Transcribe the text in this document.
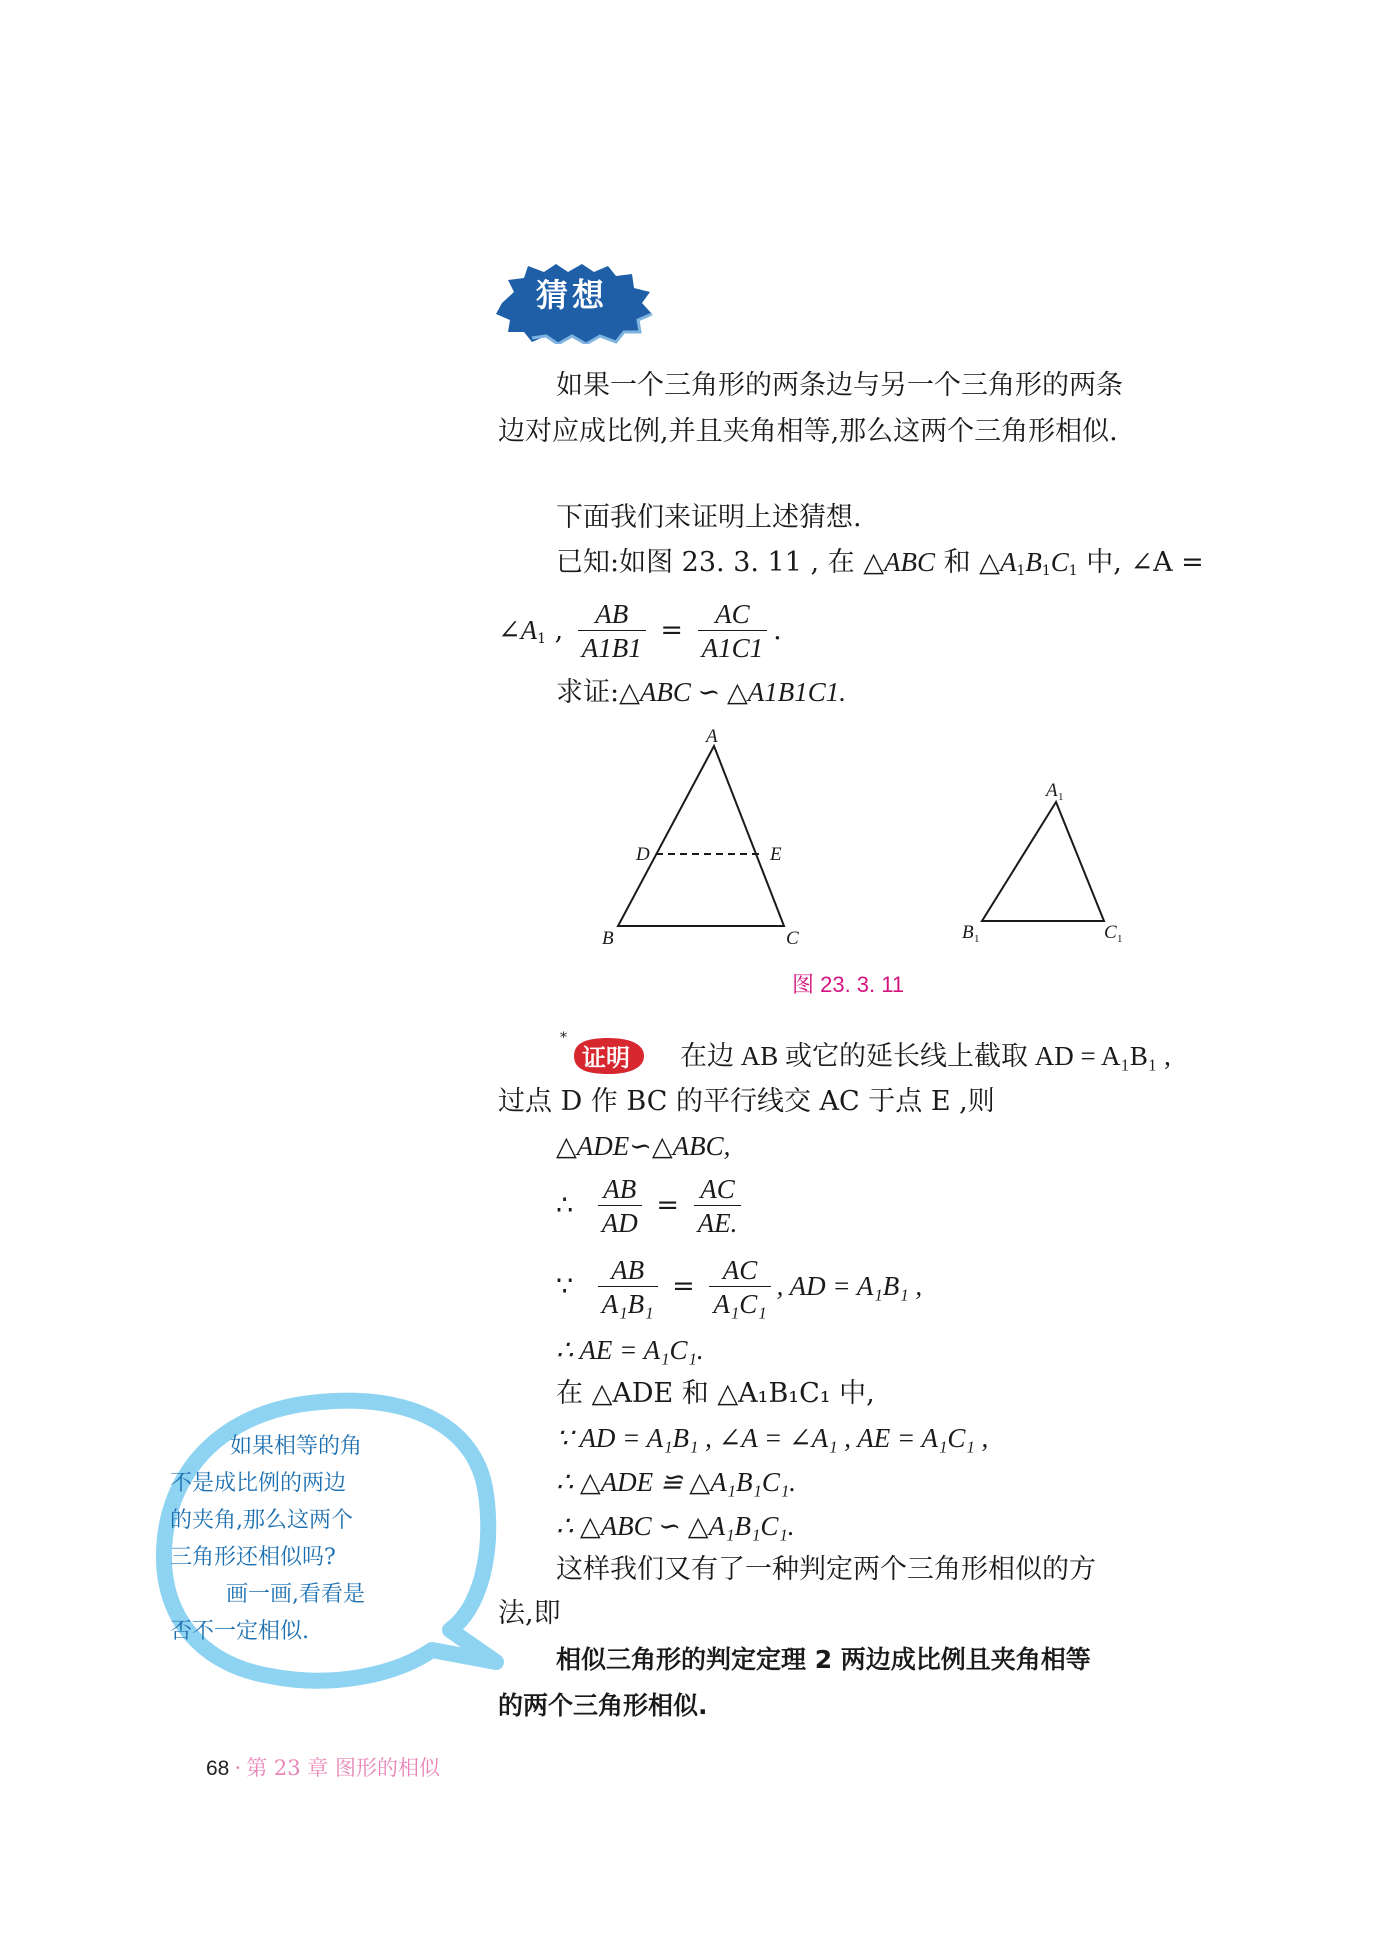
猜想
如果一个三角形的两条边与另一个三角形的两条
边对应成比例,并且夹角相等,那么这两个三角形相似.
下面我们来证明上述猜想.
已知:如图 23. 3. 11 , 在 △ABC 和 $\triangle A_1B_1C_1$ 中, ∠A =
$\angle A_1$ , $\frac{AB}{A1B1} = \frac{AC}{A1C1}$ .
求证:△ABC ∽ △A1B1C1.
A
B	C
D	E
A
B	C
1
1	1
图 23. 3. 11
*
证明 在边 AB 或它的延长线上截取 AD = A₁B₁ ,
过点 D 作 BC 的平行线交 AC 于点 E ,则
△ADE∽△ABC,
∴ $\frac{AB}{AD} = \frac{AC}{AE.}$
∵ $\frac{AB}{\text{A₁B₁}} = \frac{AC}{\text{A₁C₁}}$ , AD = A₁B₁ ,
∴ AE = A₁C₁.
在 △ADE 和 △A₁B₁C₁ 中,
∵ AD = A₁B₁ , ∠A = ∠A₁ , AE = A₁C₁ ,
∴ △ADE ≌ △A₁B₁C₁.
∴ △ABC ∽ △A₁B₁C₁.
这样我们又有了一种判定两个三角形相似的方
法,即
相似三角形的判定定理 2 两边成比例且夹角相等
的两个三角形相似.
如果相等的角
不是成比例的两边
的夹角,那么这两个
三角形还相似吗?
画一画,看看是
否不一定相似.
68 · 第 23 章 图形的相似
